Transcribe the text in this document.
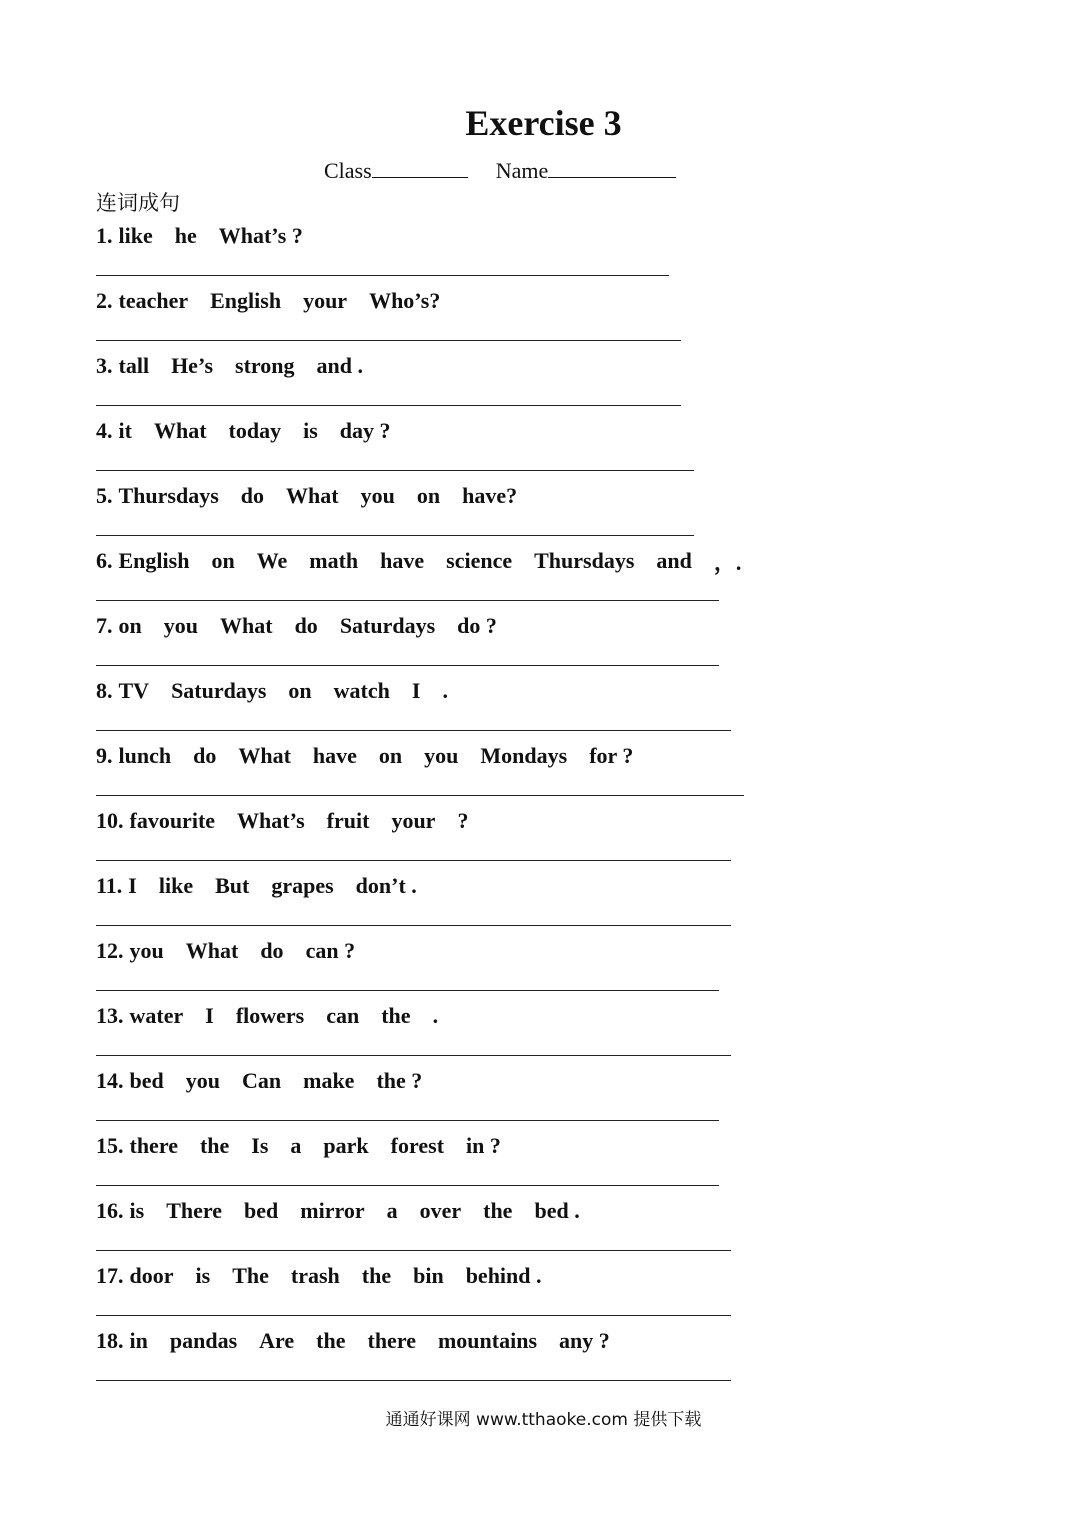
Exercise 3
Class	Name
连词成句
1. like he What’s ?
2. teacher English your Who’s?
3. tall He’s strong and .
4. it What today is day ?
5. Thursdays do What you on have?
6. English on We math have science Thursdays and ，.
7. on you What do Saturdays do ?
8. TV Saturdays on watch I .
9. lunch do What have on you Mondays for ?
10. favourite What’s fruit your ?
11. I like But grapes don’t .
12. you What do can ?
13. water I flowers can the .
14. bed you Can make the ?
15. there the Is a park forest in ?
16. is There bed mirror a over the bed .
17. door is The trash the bin behind .
18. in pandas Are the there mountains any ?
通通好课网 www.tthaoke.com 提供下载
